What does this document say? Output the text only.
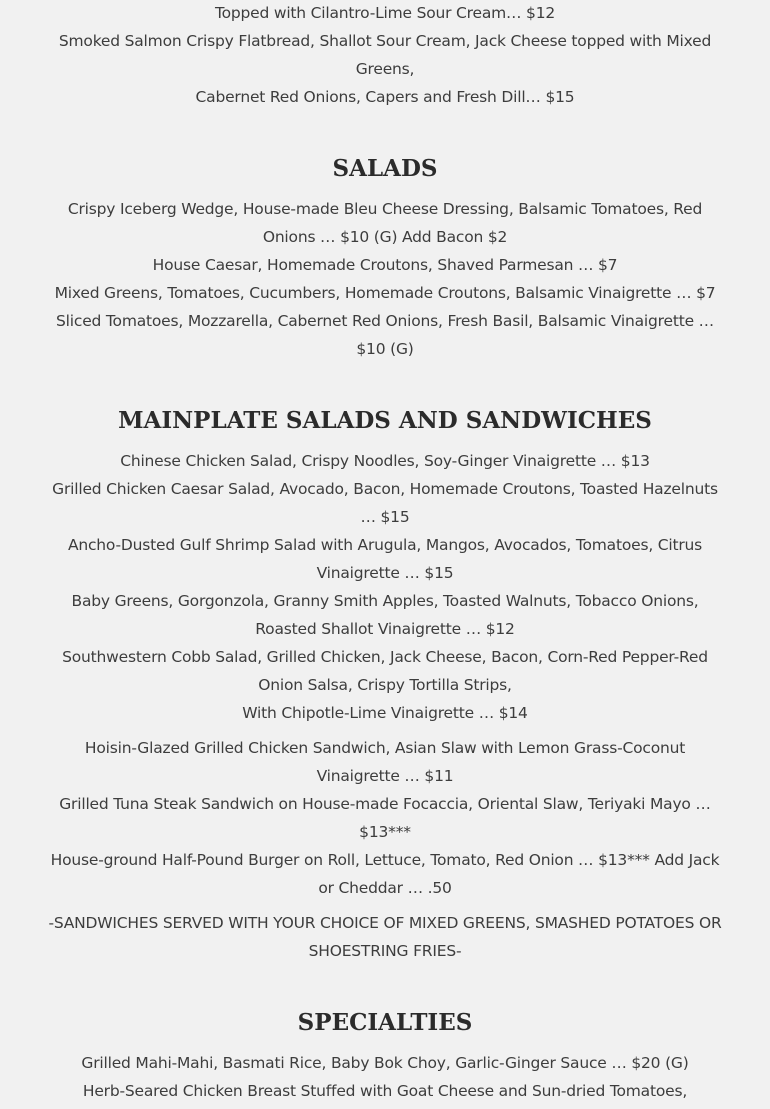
Topped with Cilantro-Lime Sour Cream… $12

Smoked Salmon Crispy Flatbread, Shallot Sour Cream, Jack Cheese topped with Mixed

Greens,

Cabernet Red Onions, Capers and Fresh Dill… $15

SALADS

Crispy Iceberg Wedge, House-made Bleu Cheese Dressing, Balsamic Tomatoes, Red

Onions … $10 (G) Add Bacon $2

House Caesar, Homemade Croutons, Shaved Parmesan … $7

Mixed Greens, Tomatoes, Cucumbers, Homemade Croutons, Balsamic Vinaigrette … $7

Sliced Tomatoes, Mozzarella, Cabernet Red Onions, Fresh Basil, Balsamic Vinaigrette …

$10 (G)

MAINPLATE SALADS AND SANDWICHES

Chinese Chicken Salad, Crispy Noodles, Soy-Ginger Vinaigrette … $13

Grilled Chicken Caesar Salad, Avocado, Bacon, Homemade Croutons, Toasted Hazelnuts

… $15

Ancho-Dusted Gulf Shrimp Salad with Arugula, Mangos, Avocados, Tomatoes, Citrus

Vinaigrette … $15

Baby Greens, Gorgonzola, Granny Smith Apples, Toasted Walnuts, Tobacco Onions,

Roasted Shallot Vinaigrette … $12

Southwestern Cobb Salad, Grilled Chicken, Jack Cheese, Bacon, Corn-Red Pepper-Red

Onion Salsa, Crispy Tortilla Strips,

With Chipotle-Lime Vinaigrette … $14

Hoisin-Glazed Grilled Chicken Sandwich, Asian Slaw with Lemon Grass-Coconut

Vinaigrette … $11

Grilled Tuna Steak Sandwich on House-made Focaccia, Oriental Slaw, Teriyaki Mayo …

$13***

House-ground Half-Pound Burger on Roll, Lettuce, Tomato, Red Onion … $13*** Add Jack

or Cheddar … .50

-SANDWICHES SERVED WITH YOUR CHOICE OF MIXED GREENS, SMASHED POTATOES OR

SHOESTRING FRIES-

SPECIALTIES

Grilled Mahi-Mahi, Basmati Rice, Baby Bok Choy, Garlic-Ginger Sauce … $20 (G)

Herb-Seared Chicken Breast Stuffed with Goat Cheese and Sun-dried Tomatoes,
